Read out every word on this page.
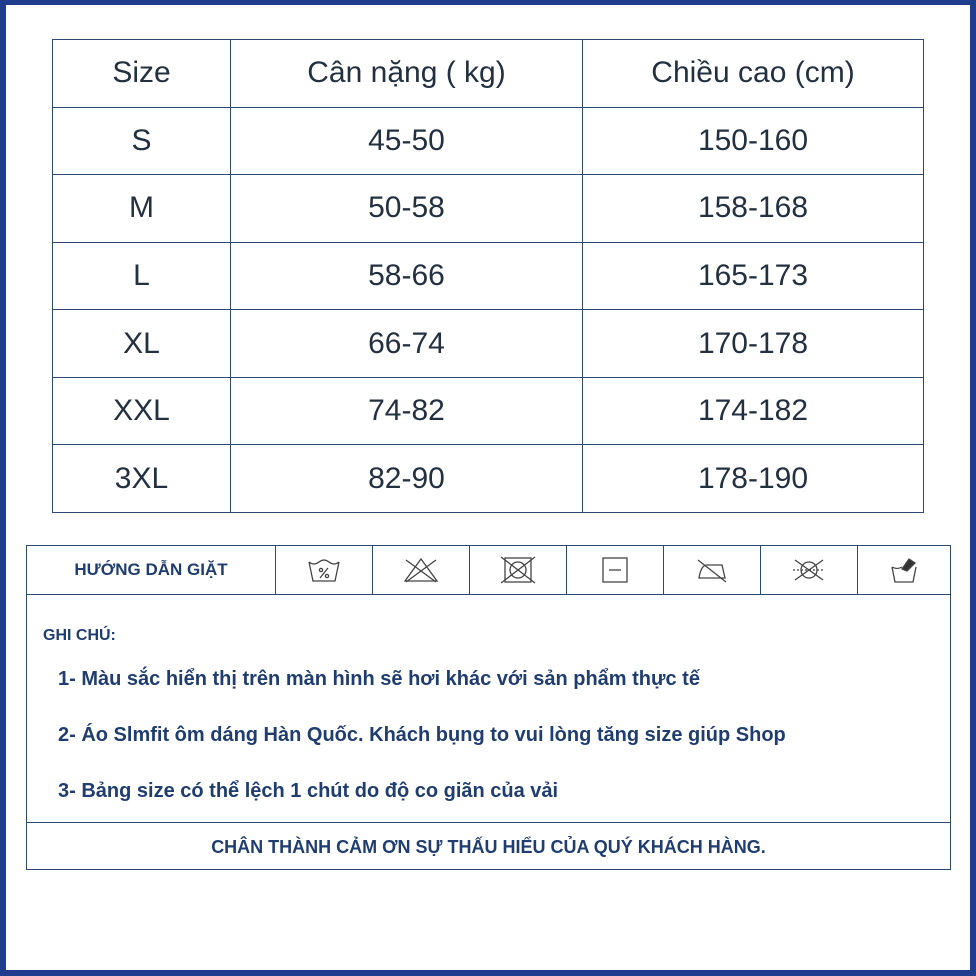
Size	Cân nặng ( kg)	Chiều cao (cm)
S	45-50	150-160
M	50-58	158-168
L	58-66	165-173
XL	66-74	170-178
XXL	74-82	174-182
3XL	82-90	178-190
HƯỚNG DẪN GIẶT
GHI CHÚ:
1- Màu sắc hiển thị trên màn hình sẽ hơi khác với sản phẩm thực tế
2- Áo Slmfit ôm dáng Hàn Quốc. Khách bụng to vui lòng tăng size giúp Shop
3- Bảng size có thể lệch 1 chút do độ co giãn của vải
CHÂN THÀNH CẢM ƠN SỰ THẤU HIỂU CỦA QUÝ KHÁCH HÀNG.
